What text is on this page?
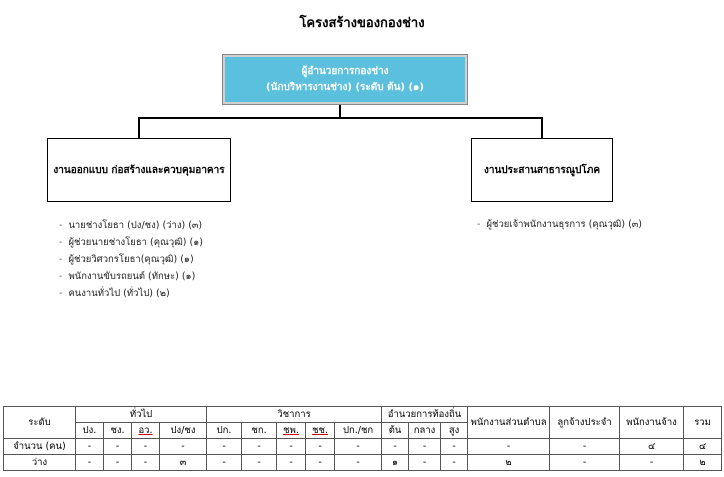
โครงสร้างของกองช่าง
ผู้อำนวยการกองช่าง
(นักบริหารงานช่าง) (ระดับ ต้น) (๑)
งานออกแบบ ก่อสร้างและควบคุมอาคาร	งานประสานสาธารณูปโภค
- นายช่างโยธา (ปง/ชง) (ว่าง) (๓)
- ผู้ช่วยนายช่างโยธา (คุณวุฒิ) (๑)
- ผู้ช่วยวิศวกรโยธา(คุณวุฒิ) (๑)
- พนักงานขับรถยนต์ (ทักษะ) (๑)
- คนงานทั่วไป (ทั่วไป) (๒)
- ผู้ช่วยเจ้าพนักงานธุรการ (คุณวุฒิ) (๓)
ระดับ	ทั่วไป				วิชาการ					อำนวยการท้องถิ่น			พนักงานส่วนตำบล	ลูกจ้างประจำ	พนักงานจ้าง	รวม
	ปง.	ชง.	อว.	ปง/ชง	ปก.	ชก.	ชพ.	ชช.	ปก./ชก	ต้น	กลาง	สูง				
จำนวน (คน)	-	-	-	-	-	-	-	-	-	-	-	-	-	-	๔	๔
ว่าง	-	-	-	๓	-	-	-	-	-	๑	-	-	๒	-	-	๒
